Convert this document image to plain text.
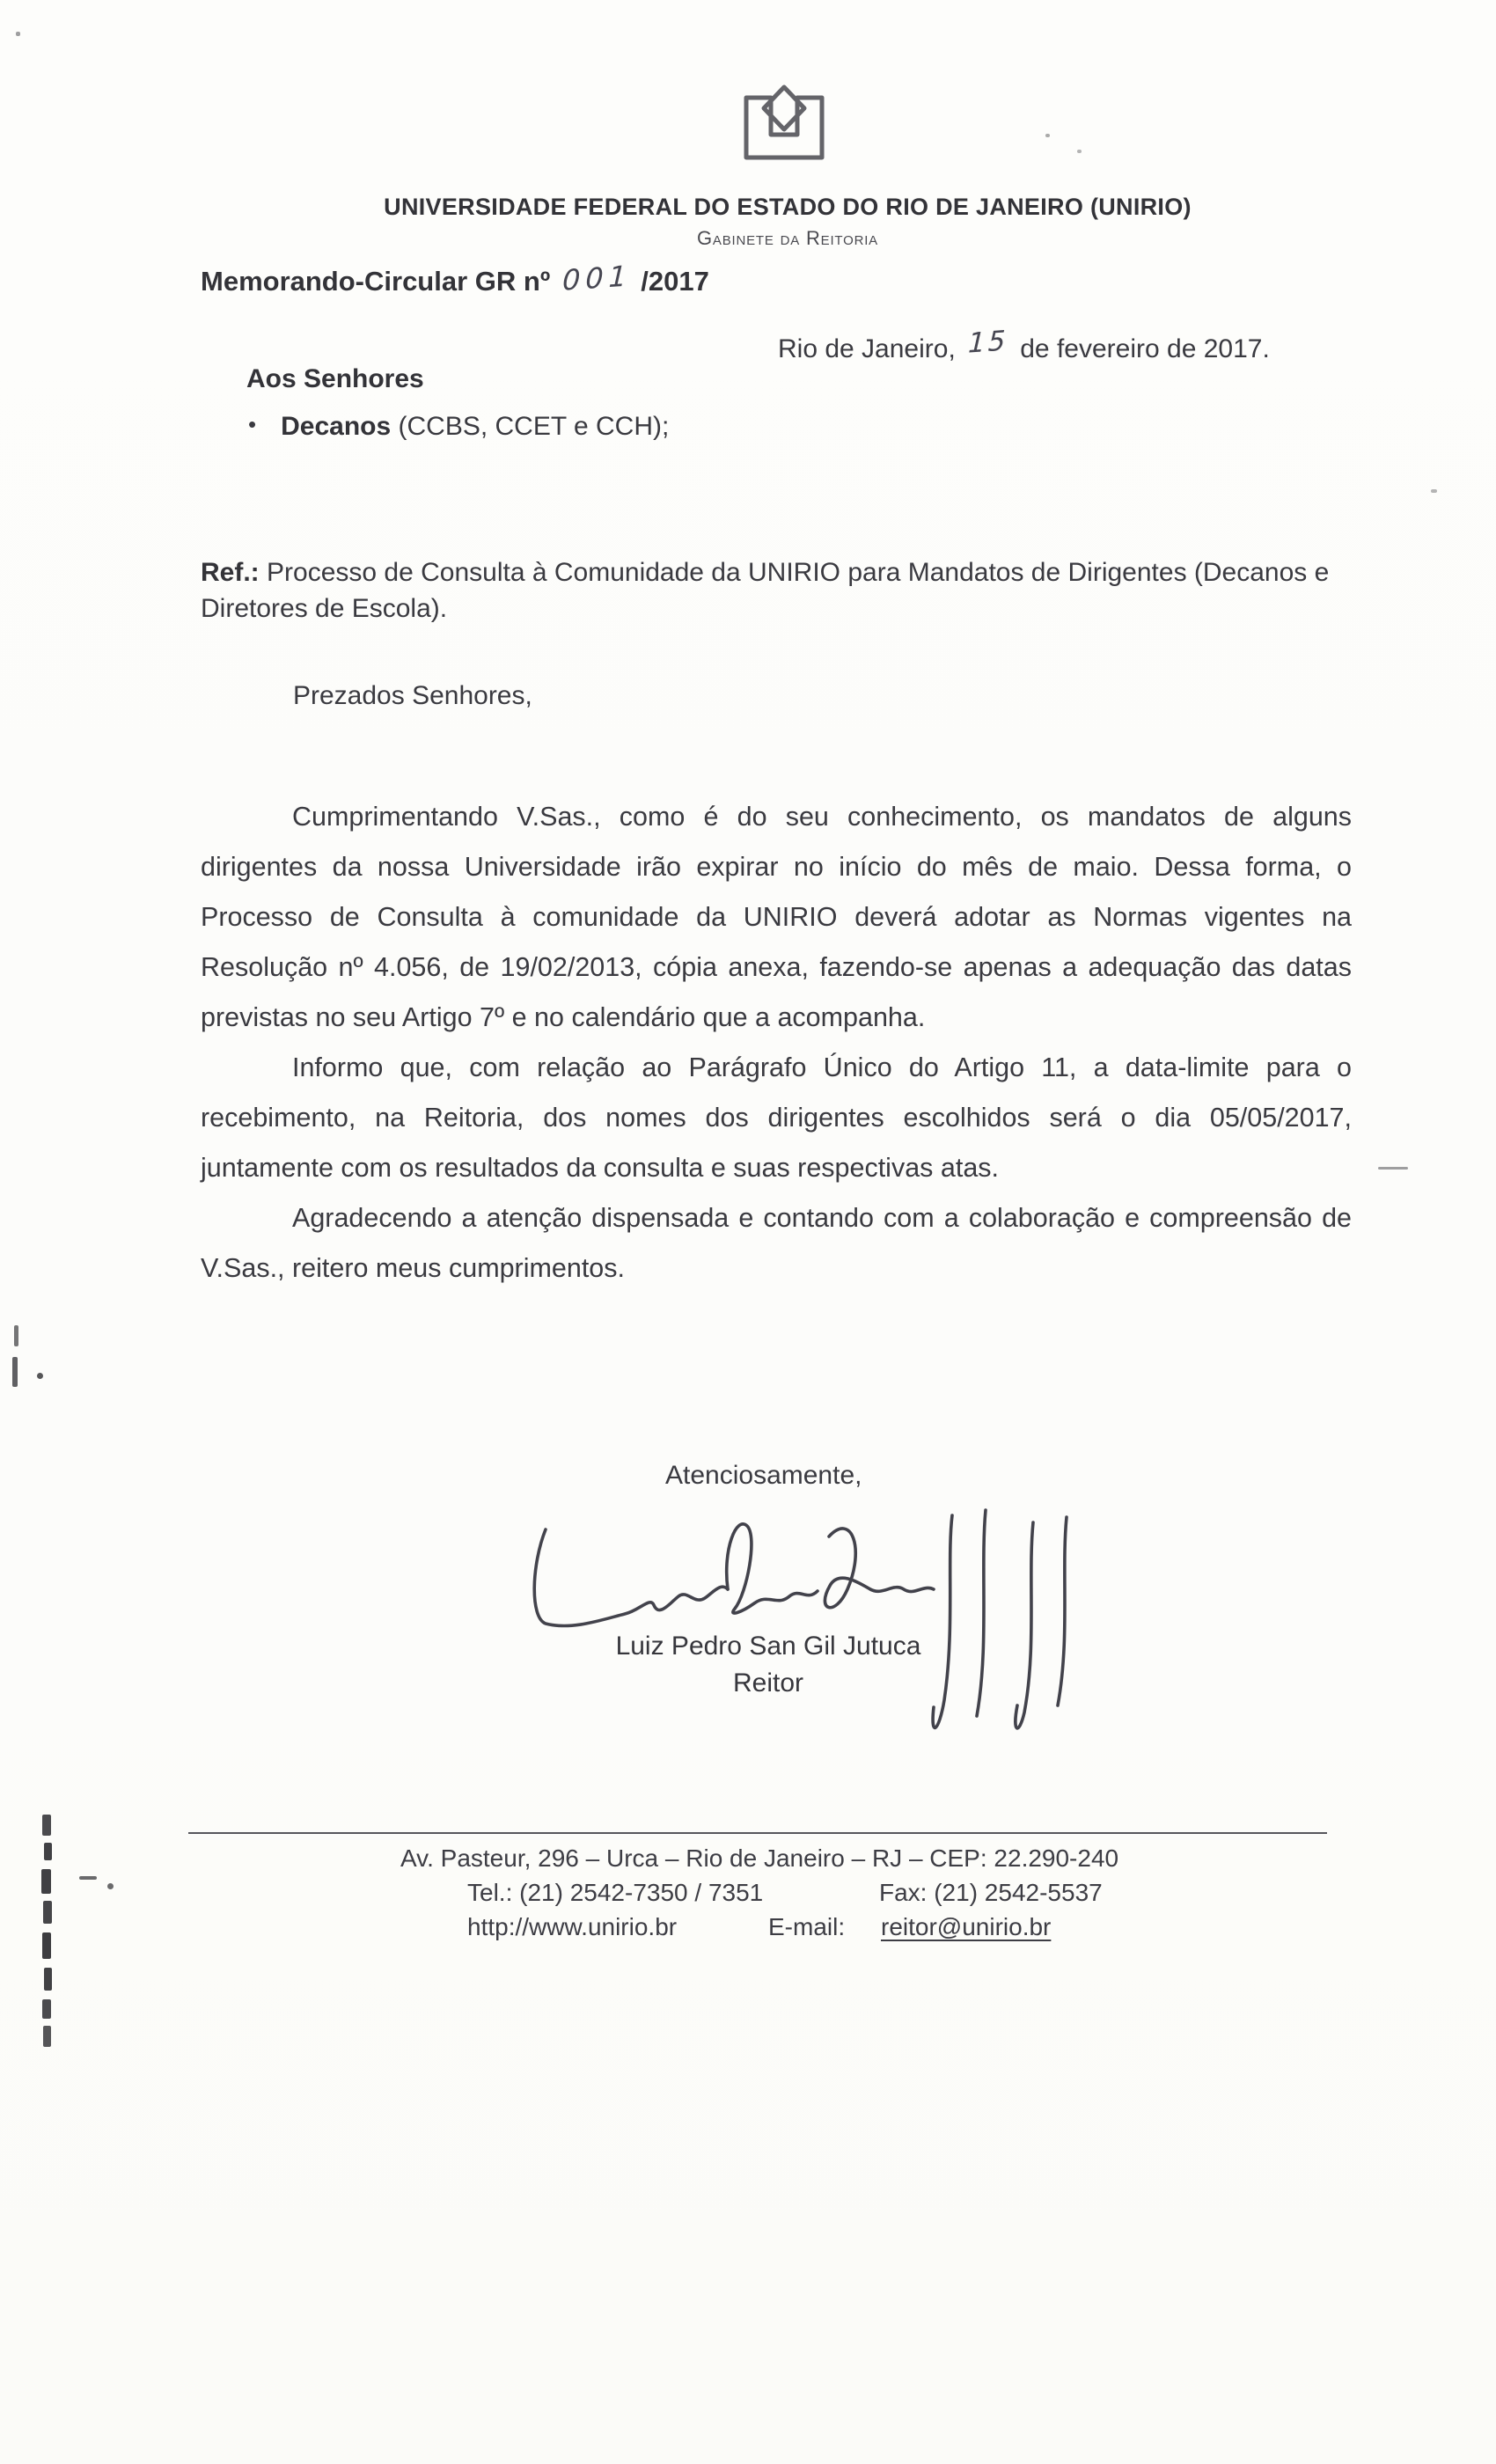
UNIVERSIDADE FEDERAL DO ESTADO DO RIO DE JANEIRO (UNIRIO)
Gabinete da Reitoria
Memorando-Circular GR nº 001 /2017
Rio de Janeiro, 15 de fevereiro de 2017.
Aos Senhores
• Decanos (CCBS, CCET e CCH);
Ref.: Processo de Consulta à Comunidade da UNIRIO para Mandatos de Dirigentes (Decanos e Diretores de Escola).
Prezados Senhores,

Cumprimentando V.Sas., como é do seu conhecimento, os mandatos de alguns dirigentes da nossa Universidade irão expirar no início do mês de maio. Dessa forma, o Processo de Consulta à comunidade da UNIRIO deverá adotar as Normas vigentes na Resolução nº 4.056, de 19/02/2013, cópia anexa, fazendo-se apenas a adequação das datas previstas no seu Artigo 7º e no calendário que a acompanha.

Informo que, com relação ao Parágrafo Único do Artigo 11, a data-limite para o recebimento, na Reitoria, dos nomes dos dirigentes escolhidos será o dia 05/05/2017, juntamente com os resultados da consulta e suas respectivas atas.

Agradecendo a atenção dispensada e contando com a colaboração e compreensão de V.Sas., reitero meus cumprimentos.

Atenciosamente,
Luiz Pedro San Gil Jutuca
Reitor
Av. Pasteur, 296 – Urca – Rio de Janeiro – RJ – CEP: 22.290-240
Tel.: (21) 2542-7350 / 7351	Fax: (21) 2542-5537
http://www.unirio.br	E-mail: reitor@unirio.br
